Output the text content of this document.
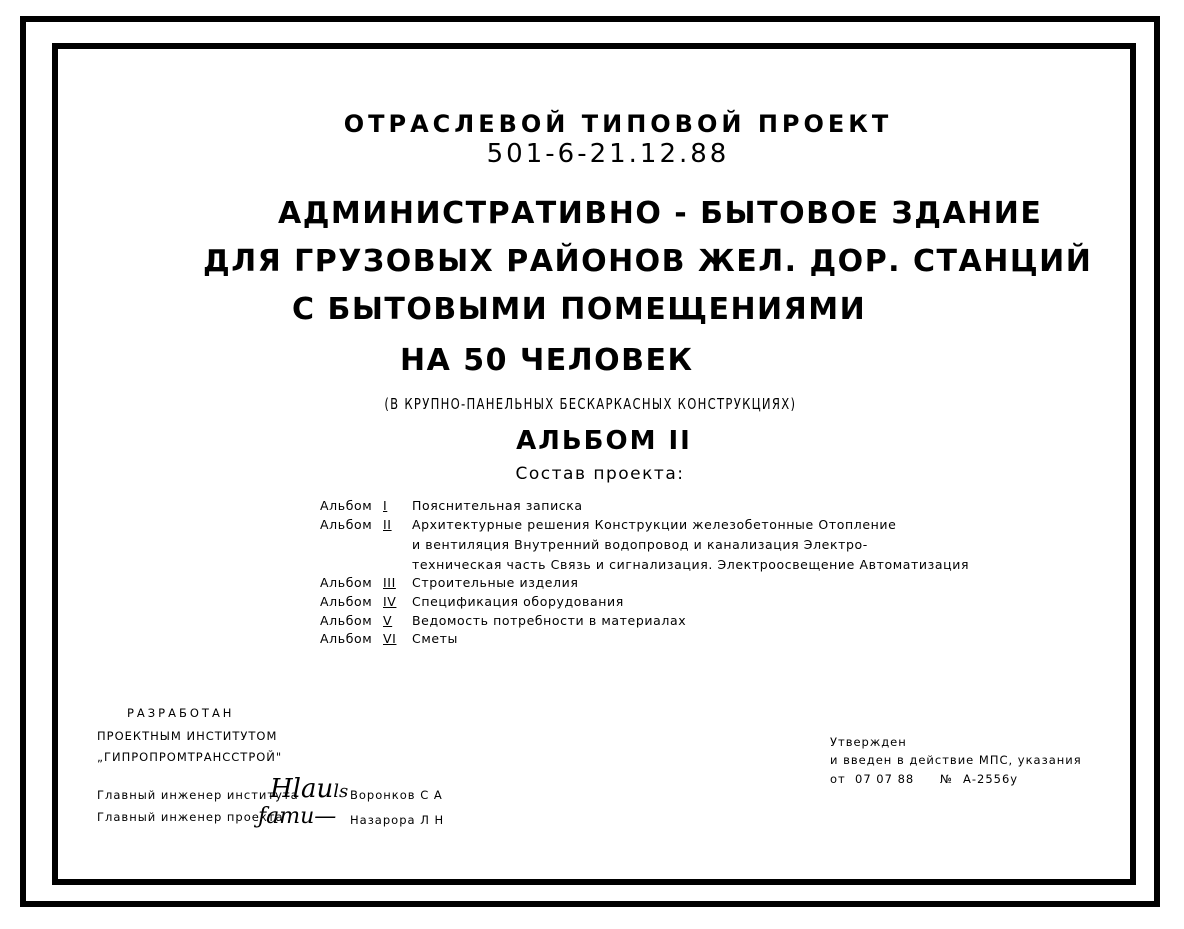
ОТРАСЛЕВОЙ ТИПОВОЙ ПРОЕКТ
501-6-21.12.88
АДМИНИСТРАТИВНО - БЫТОВОЕ ЗДАНИЕ
ДЛЯ ГРУЗОВЫХ РАЙОНОВ ЖЕЛ. ДОР. СТАНЦИЙ
С БЫТОВЫМИ ПОМЕЩЕНИЯМИ
НА 50 ЧЕЛОВЕК
(В КРУПНО-ПАНЕЛЬНЫХ БЕСКАРКАСНЫХ КОНСТРУКЦИЯХ)
АЛЬБОМ II
Состав проекта:
Альбом I Пояснительная записка
Альбом II Архитектурные решения Конструкции железобетонные Отопление
и вентиляция Внутренний водопровод и канализация Электро-
техническая часть Связь и сигнализация. Электроосвещение Автоматизация
Альбом III Строительные изделия
Альбом IV Спецификация оборудования
Альбом V Ведомость потребности в материалах
Альбом VI Сметы
РАЗРАБОТАН
ПРОЕКТНЫМ ИНСТИТУТОМ
„ГИПРОПРОМТРАНССТРОЙ"
Главный инженер института
Hlauls Воронков С А
Главный инженер проекта
ƒamu— Назарора Л Н
Утвержден
и введен в действие МПС, указания
от 07 07 88 № А-2556у
